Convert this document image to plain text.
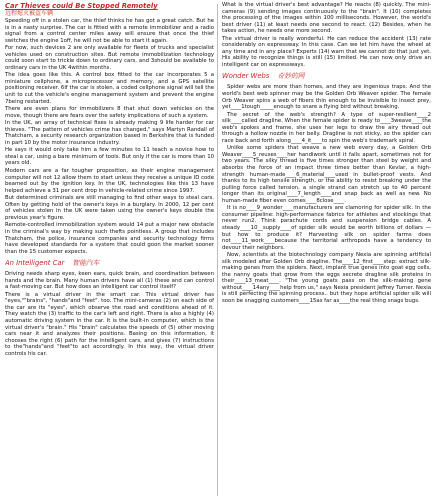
Car Thieves could Be Stopped Remotely
远程熄灭被盗车辆

Speeding off in a stolen car, the thief thinks he has got a great catch. But he is in a nasty surprise. The car is fitted with a remote immobilizer and a radio signal from a control center miles away will ensure that once the thief switches the engine 1off, he will not be able to start it again.

For now, such devices 2 are only available for fleets of trucks and specialist vehicles used on construction sites. But remote immobilization technology could soon start to trickle down to ordinary cars, and 3should be available to ordinary cars in the UK 4within months.

The idea goes like this. A control box fitted to the car incorporates 5 a miniature cellphone, a microprocessor and memory, and a GPS satellite positioning receiver. 6If the car is stolen, a coded cellphone signal will tell the unit to cut the vehicle's engine management system and prevent the engine 7being restarted.

There are even plans for immobilizers 8 that shut down vehicles on the move, though there are fears over the safety implications of such a system.

In the UK, an array of technical fixes is already making 9 life harder for car thieves. "The pattern of vehicles crime has changed," says Martyn Randall of Thatcham, a security research organization based in Berkshire that is funded in part 10 by the motor insurance industry.

He says it would only take him a few minutes to 11 teach a novice how to steal a car, using a bare minimum of tools. But only if the car is more than 10 years old.

Modern cars are a far tougher proposition, as their engine management computer will not 12 allow them to start unless they receive a unique ID code beamed out by the ignition key. In the UK, technologies like this 13 have helped achieve a 31 per cent drop in vehicle-related crime since 1997.

But determined criminals are still managing to find other ways to steal cars. Often by getting hold of the owner's keys in a burglary. In 2000, 12 per cent of vehicles stolen in the UK were taken using the owner's keys double the previous year's figure.

Remote-controlled immobilization system would 14 put a major new obstacle in the criminal's way by making such thefts pointless. A group that includes Thatcham, the police, insurance companies and security technology firms have developed standards for a system that could goon the market sooner than the 15 customer expects.

An Intelligent Car 智能汽车

Driving needs sharp eyes, keen ears, quick brain, and coordination between hands and the brain. Many human drivers have all (1) these and can control a fast-moving car. But how does an intelligent car control itself?

There is a virtual driver in the smart car. This virtual driver has "eyes,""brains", "hands"and "feet". too. The mini-cameras (2) on each side of the car are its "eyes", which observe the road and conditions ahead of it. They watch the (3) traffic to the car's left and right. There is also a highly (4) automatic driving system in the car. It is the built-in computer, which is the virtual driver's "brain." His "brain" calculates the speeds of (5) other moving cars near it and analyzes their positions. Basing on this information, it chooses the right (6) path for the intelligent cars, and gives (7) instructions to the"hands"and "feet"to act accordingly. In this way, the virtual driver controls his car.

What is the virtual driver's best advantage? He reacts (8) quickly. The mini-cameras (9) sending images continuously to the "brain". It (10) completes the processing of the images within 100 milliseconds. However, the world's best driver (11) at least needs one second to react. (12) Besides, when he takes action, he needs one more second.

The virtual driver is really wonderful. He can reduce the accident (13) rate considerably on expressway. In this case. Can we let him have the wheel at any time and in any place? Experts (14) warn that we cannot do that just yet. His ability to recognize things is still (15) limited. He can now only drive an intelligent car on expressways.

Wonder Webs 奇妙的网

Spider webs are more than homes, and they are ingenious traps. And the world's best web spinner may be the Golden Orb Weaver spider. The female Orb Weaver spins a web of fibers thin enough to be invisible to insect prey, yet____1tough_____enough to snare a flying bird without breaking.

The secret of the web's strength? A type of super-resilient____2 silk____called dragline. When the female spider is ready to____3weave____the web's spokes and frame, she uses her legs to draw the airy thread out through a hollow nozzle in her belly. Dragline is not sticky, so the spider can race back and forth along____4_it____to spin the web's trademark spiral.

Unlike some spiders that weave a new web every day, a Golden Orb Weaver____5_reuses____her handiwork until it falls apart, sometimes not for two years. The silky thread is five times stronger than steel by weight and absorbs the force of an impact three times better than Kevlar, a high-strength human-made____6_material____used in bullet-proof vests. And thanks to its high tensile strength, or the ability to resist breaking under the pulling force called tension, a single strand can stretch up to 40 percent longer than its original____7_length____and snap back as well as new. No human-made fiber even comes____8close____.

It is no____9_wonder____manufacturers are clamoring for spider silk. In the consumer pipeline: high-performance fabrics for athletes and stockings that never run2. Think parachute cords and suspension bridge cables. A steady____10__supply____of spider silk would be worth billions of dollars — but how to produce it? Harvesting silk on spider farms does not____11_work____because the territorial arthropods have a tendency to devour their neighbors.

Now, scientists at the biotechnology company Nexia are spinning artificial silk modeled after Golden Orb dragline. The____12_first____step: extract silk-making genes from the spiders. Next, implant true genes into goat egg cells, the nanny goats that grow from the eggs secrete dragline silk proteins in their____13_meat____. "The young goats pass on the silk-making gene without____14any____help from us," says Nexia president Jeffrey Turner. Nexia is still perfecting the spinning process.. but they hope artificial spider silk will soon be snagging customers____15as far as____the real thing snags bugs.
